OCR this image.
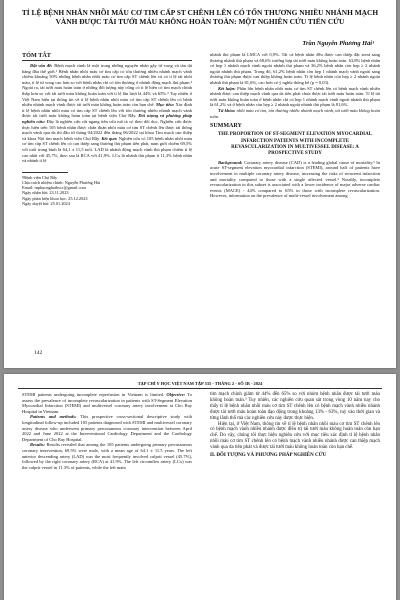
TỈ LỆ BỆNH NHÂN NHỒI MÁU CƠ TIM CẤP ST CHÊNH LÊN CÓ TỔN THƯƠNG NHIỀU NHÁNH MẠCH VÀNH ĐƯỢC TÁI TƯỚI MÁU KHÔNG HOÀN TOÀN: MỘT NGHIÊN CỨU TIẾN CỨU
Trần Nguyễn Phương Hải¹
TÓM TẮT

Đặt vấn đề: Bệnh mạch vành là một trong những nguyên nhân gây tử vong và tàn tật hàng đầu thế giới.¹ Bệnh nhân nhồi máu cơ tim cấp có tổn thương nhiều nhánh mạch vành chiếm khoảng 50% những bệnh nhân nhồi máu cơ tim cấp ST chênh lên và có tỉ lệ tái nhồi máu, tỉ lệ tử vong cao hơn so với bệnh nhân chỉ có tổn thương ở nhánh động mạch thủ phạm.² Ngoài ra, tái tưới máu hoàn toàn ở những đối tượng này cũng có tỉ lệ biến cố tim mạch chính thấp hơn so với tái tưới máu không hoàn toàn với tỉ lệ lần lượt là 44% và 65%.³ Tuy nhiên ở Việt Nam hiện tại thống tin về tỉ lệ bệnh nhân nhồi máu cơ tim cấp ST chênh lên có bệnh nhiều nhánh mạch vành được tái tưới máu không hoàn toàn còn hạn chế. Mục tiêu: Xác định tỉ lệ bệnh nhân nhồi máu cơ tim cấp ST chênh lên với tổn thương nhiều nhánh mạch vành được tái tưới máu không hoàn toàn tại bệnh viện Chợ Rẫy. Đối tượng và phương pháp nghiên cứu: Đây là nghiên cứu cắt ngang tiến cứu mô tả có theo dõi dọc. Nghiên cứu được thực hiện trên 105 bệnh nhân được chẩn đoán nhồi máu cơ tim ST chênh lên được tái thông mạch vành qua da thì đầu từ tháng 04/2022 đến tháng 06/2022 tại khoa Tim mạch can thiệp và khoa Nội tim mạch bệnh viện Chợ Rẫy. Kết quả: Nghiên cứu có 105 bệnh nhân nhồi máu cơ tim cấp ST chênh lên có can thiệp sang thương thủ phạm tiên phát, nam giới chiếm 69,5% với tuổi trung bình là 64,1 ± 11,5 tuổi. LAD là nhánh động mạch vành thủ phạm chiếm tỉ lệ cao nhất với 45,7%, theo sau là RCA với 41,9%. LCx là nhánh thủ phạm ít 11,3% bệnh nhân và nhánh tỉ lệ

¹Bệnh viện Chợ Rẫy
Chịu trách nhiệm chính: Nguyễn Phương Hải
Email: tnphuonghaibvcr@gmail.com
Ngày nhận bài: 23.11.2023
Ngày phản biện khoa học: 25.12.2023
Ngày duyệt bài: 25.01.2024

nhánh thủ phạm là LMCA với 0,9%. Tất cả bệnh nhân đều được can thiệp đặt stent sang thương nhánh thủ phạm và 68,6% trường hợp tái tưới máu không hoàn toàn. 63,8% bệnh nhân có hẹp 1 nhánh mạch vành ngoài nhánh thủ phạm và 36,2% bệnh nhân còn hẹp ≥ 2 nhánh ngoài nhánh thủ phạm. Trong đó, 61,2% bệnh nhân còn hẹp 1 nhánh mạch vành ngoài sang thương thủ phạm được can thiệp không hoàn toàn. Tỉ lệ bệnh nhân còn hẹp ≥ 2 nhánh ngoài nhánh thủ phạm là 81,6%, cao hơn có ý nghĩa thống kê (p = 0,03).

Kết luận: Phần lớn bệnh nhân nhồi máu cơ tim ST chênh lên có bệnh mạch vành nhiều nhánh được can thiệp mạch vành qua da tiên phát chưa được tái tưới máu hoàn toàn. Tỉ lệ tái tưới máu không hoàn toàn ở bệnh nhân chỉ có hẹp 1 nhánh mạch vành ngoài nhánh thủ phạm là 61,2% và ở bệnh nhân còn hẹp ≥ 2 nhánh ngoài nhánh thủ phạm là 81,6%.

Từ khóa: nhồi máu cơ tim, tổn thương nhiều nhánh mạch vành, tái tưới máu không hoàn toàn.

SUMMARY
THE PROPORTION OF ST-SEGMENT ELEVATION MYOCARDIAL INFARCTION PATIENTS WITH INCOMPLETE REVASCULARIZATION IN MULTIVESSEL DISEASE: A PROSPECTIVE STUDY

Background: Coronary artery disease (CAD) is a leading global cause of mortality.¹ In acute ST-segment elevation myocardial infarction (STEMI), around half of patients have involvement in multiple coronary artery disease, increasing the risks of recurrent infarction and mortality compared to those with a single affected vessel.² Notably, incomplete revascularization in this subset is associated with a lower incidence of major adverse cardiac events (MACE) - 44% compared to 65% in those with incomplete revascularization. However, information on the prevalence of multi-vessel involvement among

142
TẠP CHÍ Y HỌC VIỆT NAM TẬP 535 - THÁNG 2 - SỐ 1B - 2024

STEMI patients undergoing incomplete reperfusion in Vietnam is limited. Objective: To assess the prevalence of incomplete revascularization in patients with ST-Segment Elevation Myocardial Infarction (STEMI) and multivessel coronary artery involvement at Cho Ray Hospital in Vietnam.

Patients and methods: This prospective cross-sectional descriptive study with longitudinal follow-up included 105 patients diagnosed with STEMI and multivessel coronary artery disease who underwent primary percutaneous coronary intervention between April 2022 and June 2022 at the Interventional Cardiology Department and the Cardiology Department of Cho Ray Hospital.

Results: Results revealed that among the 105 patients undergoing primary percutaneous coronary intervention, 69.5% were male, with a mean age of 64.1 ± 11.5 years. The left anterior descending artery (LAD) was the most frequently involved culprit vessel (45.7%), followed by the right coronary artery (RCA) at 41.9%. The left circumflex artery (LCx) was the culprit vessel in 11.3% of patients, while the left main

tim mạch chính giảm từ 44% đến 65% so với nhóm bệnh nhân được tái tưới máu không hoàn toàn.³ Tuy nhiên, các nghiên cứu quan sát trong vòng 10 năm nay cho thấy tỉ lệ bệnh nhân nhồi máu cơ tim ST chênh lên có bệnh mạch vành nhiều nhánh được tái tưới máu hoàn toàn đạo động trong khoảng 13% - 63%, tuỳ vào thời gian và từng lãnh thổ mà các nghiên cứu này được thực hiện.

Hiện tại, ở Việt Nam, thông tin về tỉ lệ bệnh nhân nhồi máu cơ tim ST chênh lên có bệnh mạch vành nhiều nhánh được điều trị tái tưới máu không hoàn toàn còn hạn chế. Do vậy, chúng tôi thực hiện nghiên cứu với mục tiêu xác định tỉ lệ bệnh nhân nhồi máu cơ tim ST chênh lên có bệnh mạch vành nhiều nhánh được can thiệp mạch vành qua da tiên phát và được tái tưới máu không hoàn toàn còn hạn chế.

II. ĐỐI TƯỢNG VÀ PHƯƠNG PHÁP NGHIÊN CỨU
